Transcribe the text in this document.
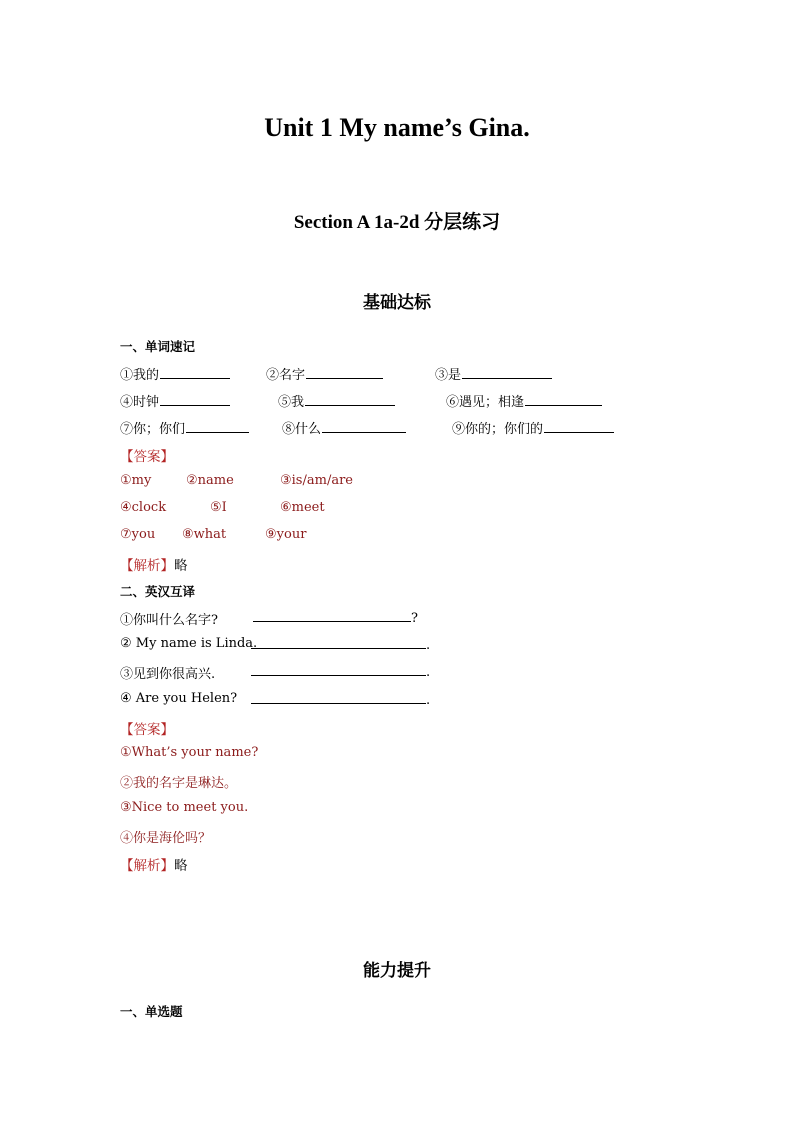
Unit 1 My name’s Gina.
Section A 1a-2d 分层练习
基础达标
一、单词速记
①我的	②名字	③是
④时钟	⑤我	⑥遇见；相逢
⑦你；你们	⑧什么	⑨你的；你们的
【答案】
①my	②name	③is/am/are
④clock	⑤I	⑥meet
⑦you ⑧what	⑨your
【解析】略
二、英汉互译
①你叫什么名字?	?
② My name is Linda.	.
③见到你很高兴.	.
④ Are you Helen?	.
【答案】
①What’s your name?
②我的名字是琳达。
③Nice to meet you.
④你是海伦吗？
【解析】略
能力提升
一、单选题
